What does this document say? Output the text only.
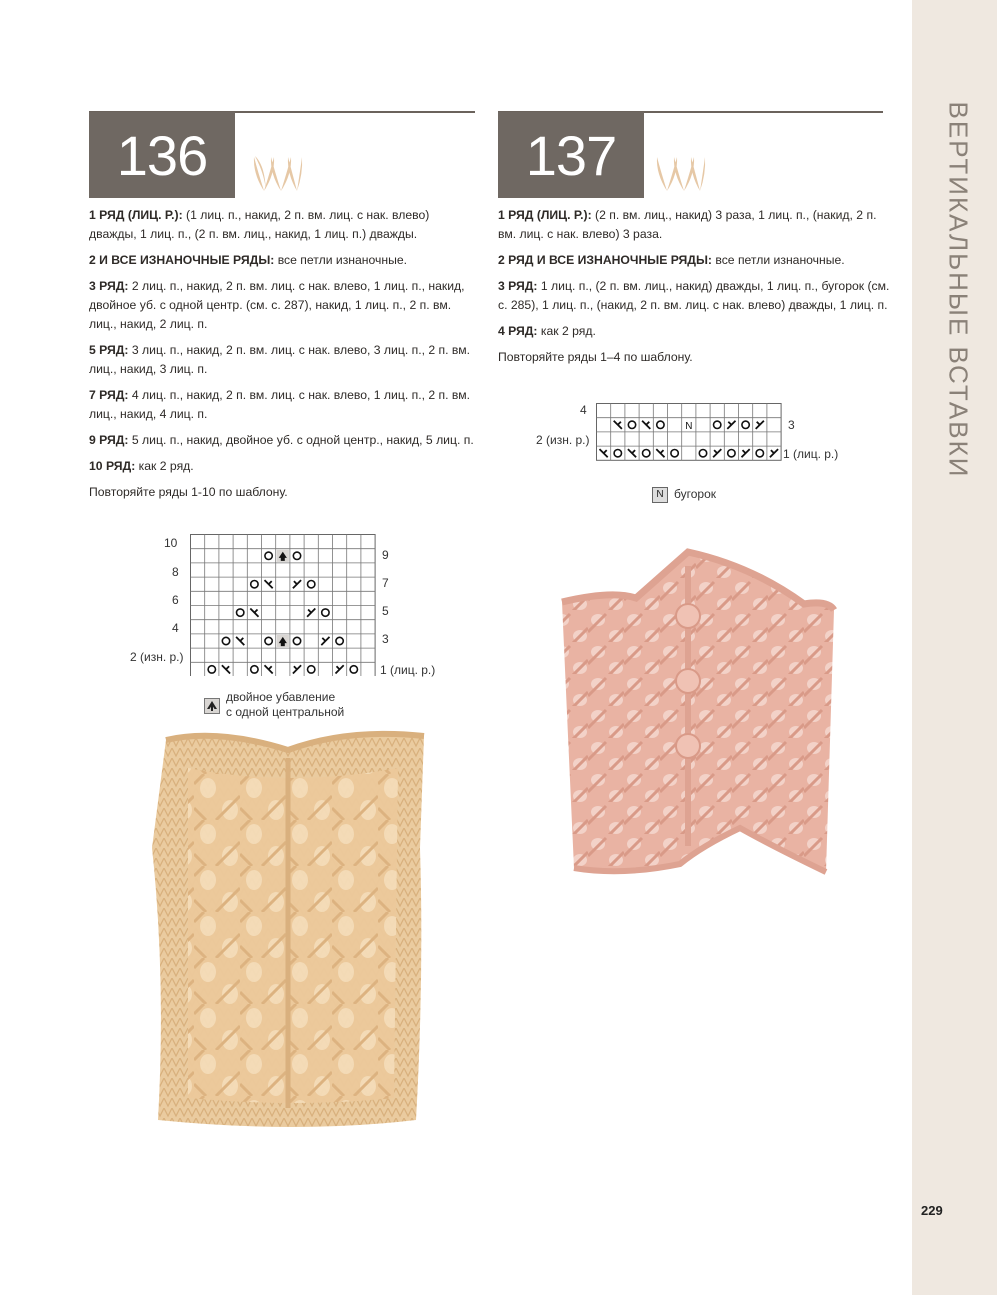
ВЕРТИКАЛЬНЫЕ ВСТАВКИ
229
136

1 РЯД (ЛИЦ. Р.): (1 лиц. п., накид, 2 п. вм. лиц. с нак. влево) дважды, 1 лиц. п., (2 п. вм. лиц., накид, 1 лиц. п.) дважды.

2 И ВСЕ ИЗНАНОЧНЫЕ РЯДЫ: все петли изнаночные.

3 РЯД: 2 лиц. п., накид, 2 п. вм. лиц. с нак. влево, 1 лиц. п., накид, двойное уб. с одной центр. (см. с. 287), накид, 1 лиц. п., 2 п. вм. лиц., накид, 2 лиц. п.

5 РЯД: 3 лиц. п., накид, 2 п. вм. лиц. с нак. влево, 3 лиц. п., 2 п. вм. лиц., накид, 3 лиц. п.

7 РЯД: 4 лиц. п., накид, 2 п. вм. лиц. с нак. влево, 1 лиц. п., 2 п. вм. лиц., накид, 4 лиц. п.

9 РЯД: 5 лиц. п., накид, двойное уб. с одной центр., накид, 5 лиц. п.

10 РЯД: как 2 ряд.

Повторяйте ряды 1-10 по шаблону.

10
8
6
4
2 (изн. р.)
9
7
5
3
1 (лиц. р.)
двойное убавление
с одной центральной
137

1 РЯД (ЛИЦ. Р.): (2 п. вм. лиц., накид) 3 раза, 1 лиц. п., (накид, 2 п. вм. лиц. с нак. влево) 3 раза.

2 РЯД И ВСЕ ИЗНАНОЧНЫЕ РЯДЫ: все петли изнаночные.

3 РЯД: 1 лиц. п., (2 п. вм. лиц., накид) дважды, 1 лиц. п., бугорок (см. с. 285), 1 лиц. п., (накид, 2 п. вм. лиц. с нак. влево) дважды, 1 лиц. п.

4 РЯД: как 2 ряд.

Повторяйте ряды 1–4 по шаблону.

N
4
2 (изн. р.)
3
1 (лиц. р.)
N бугорок
